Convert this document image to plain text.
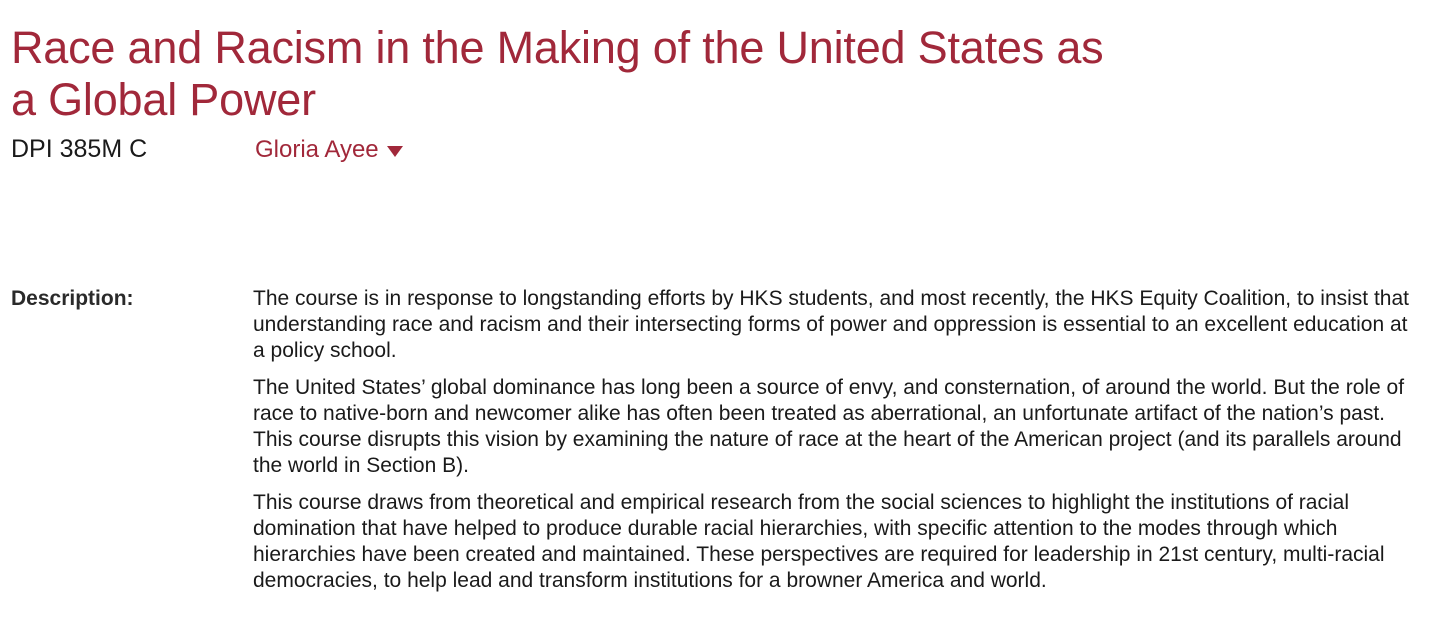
Race and Racism in the Making of the United States as a Global Power
DPI 385M C	Gloria Ayee
Description:	The course is in response to longstanding efforts by HKS students, and most recently, the HKS Equity Coalition, to insist that understanding race and racism and their intersecting forms of power and oppression is essential to an excellent education at a policy school.

The United States’ global dominance has long been a source of envy, and consternation, of around the world. But the role of race to native-born and newcomer alike has often been treated as aberrational, an unfortunate artifact of the nation’s past. This course disrupts this vision by examining the nature of race at the heart of the American project (and its parallels around the world in Section B).

This course draws from theoretical and empirical research from the social sciences to highlight the institutions of racial domination that have helped to produce durable racial hierarchies, with specific attention to the modes through which hierarchies have been created and maintained. These perspectives are required for leadership in 21st century, multi-racial democracies, to help lead and transform institutions for a browner America and world.
